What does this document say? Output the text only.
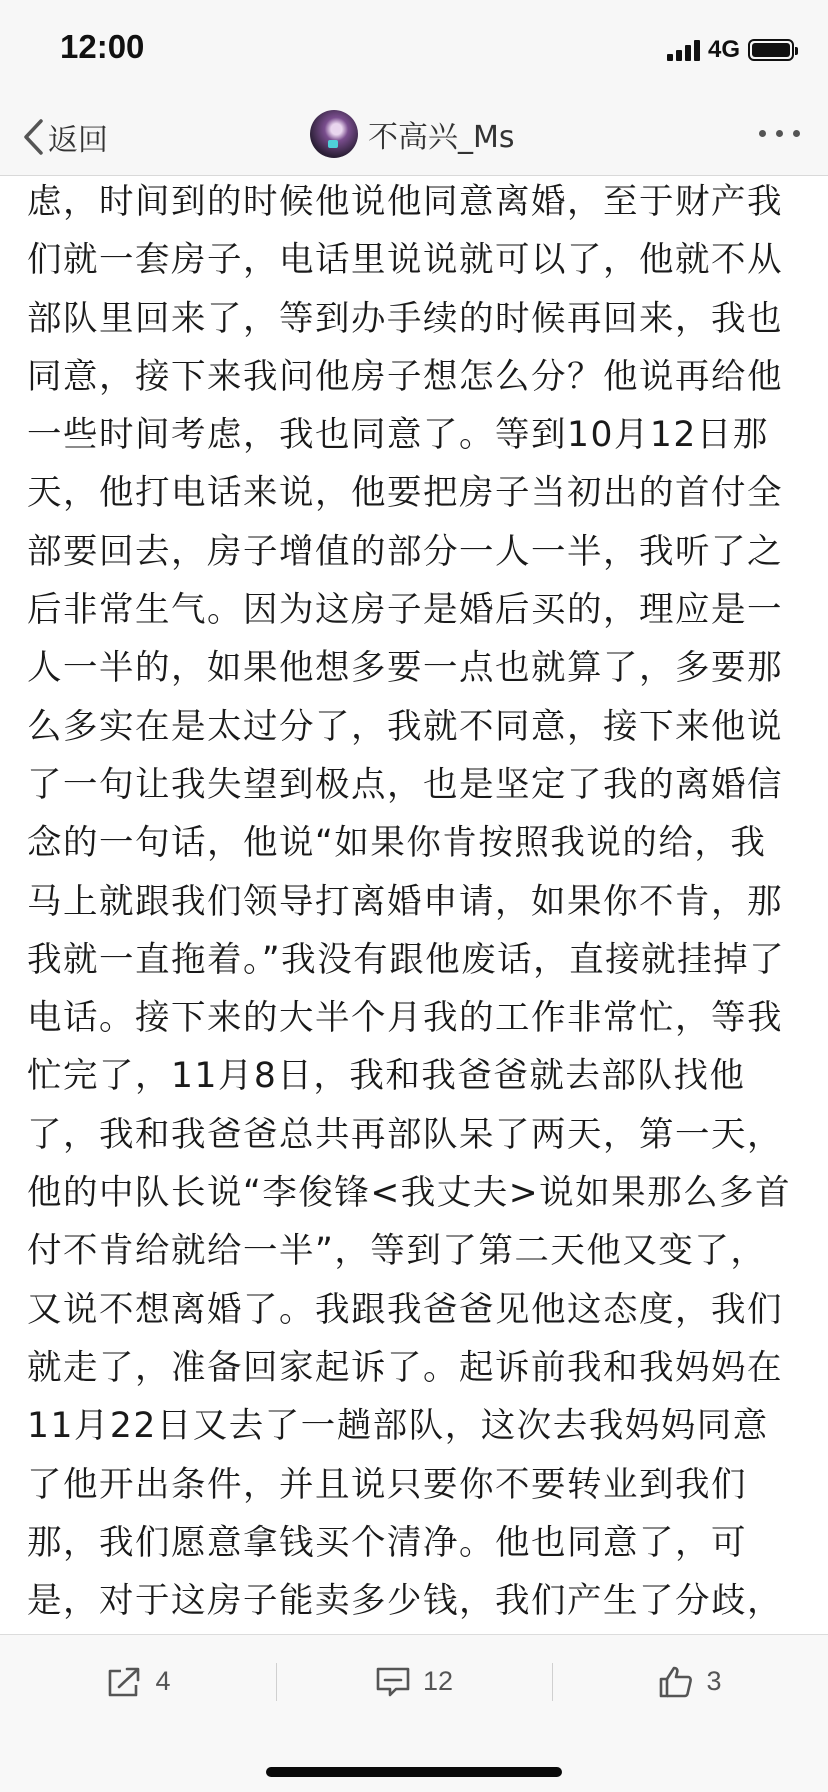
12:00	4G
返回	不高兴_Ms

虑，时间到的时候他说他同意离婚，至于财产我们就一套房子，电话里说说就可以了，他就不从部队里回来了，等到办手续的时候再回来，我也同意，接下来我问他房子想怎么分？他说再给他一些时间考虑，我也同意了。等到10月12日那天，他打电话来说，他要把房子当初出的首付全部要回去，房子增值的部分一人一半，我听了之后非常生气。因为这房子是婚后买的，理应是一人一半的，如果他想多要一点也就算了，多要那么多实在是太过分了，我就不同意，接下来他说了一句让我失望到极点，也是坚定了我的离婚信念的一句话，他说“如果你肯按照我说的给，我马上就跟我们领导打离婚申请，如果你不肯，那我就一直拖着。”我没有跟他废话，直接就挂掉了电话。接下来的大半个月我的工作非常忙，等我忙完了，11月8日，我和我爸爸就去部队找他了，我和我爸爸总共再部队呆了两天，第一天，他的中队长说“李俊锋<我丈夫>说如果那么多首付不肯给就给一半”，等到了第二天他又变了，又说不想离婚了。我跟我爸爸见他这态度，我们就走了，准备回家起诉了。起诉前我和我妈妈在11月22日又去了一趟部队，这次去我妈妈同意了他开出条件，并且说只要你不要转业到我们那，我们愿意拿钱买个清净。他也同意了，可是，对于这房子能卖多少钱，我们产生了分歧，

4	12	3
